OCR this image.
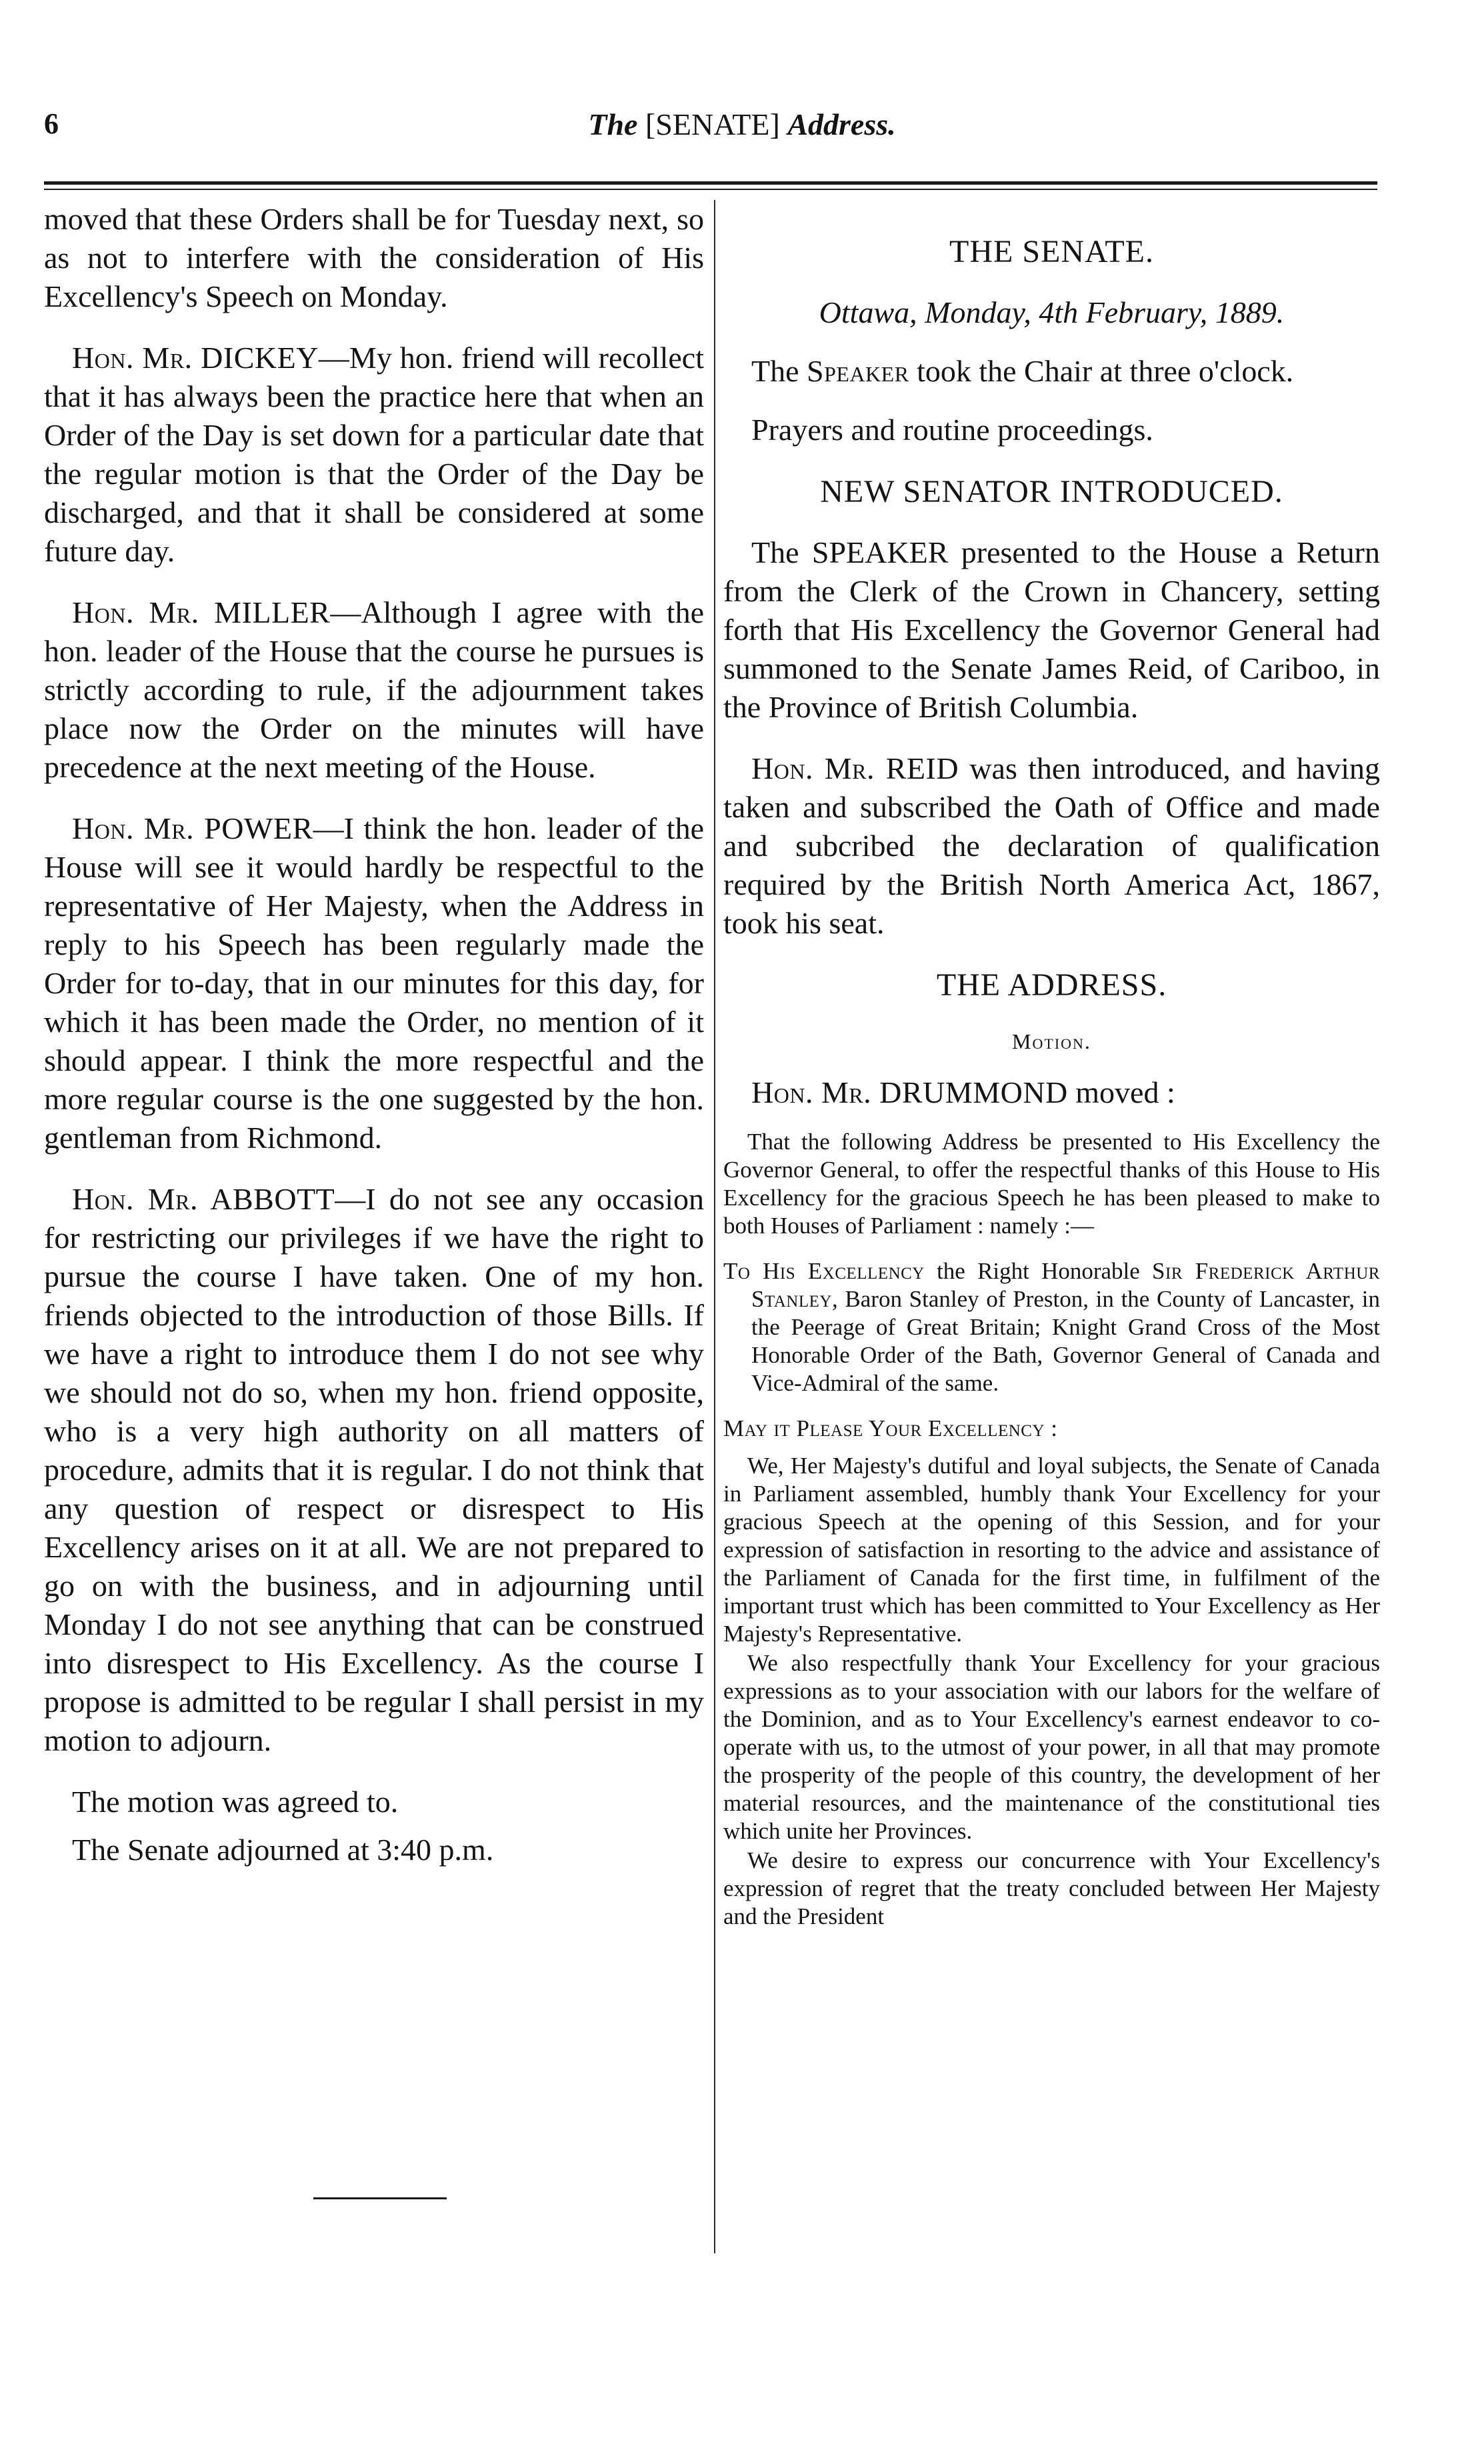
6	The [SENATE] Address.

moved that these Orders shall be for Tuesday next, so as not to interfere with the consideration of His Excellency's Speech on Monday.

Hon. Mr. DICKEY—My hon. friend will recollect that it has always been the practice here that when an Order of the Day is set down for a particular date that the regular motion is that the Order of the Day be discharged, and that it shall be considered at some future day.

Hon. Mr. MILLER—Although I agree with the hon. leader of the House that the course he pursues is strictly according to rule, if the adjournment takes place now the Order on the minutes will have precedence at the next meeting of the House.

Hon. Mr. POWER—I think the hon. leader of the House will see it would hardly be respectful to the representative of Her Majesty, when the Address in reply to his Speech has been regularly made the Order for to-day, that in our minutes for this day, for which it has been made the Order, no mention of it should appear. I think the more respectful and the more regular course is the one suggested by the hon. gentleman from Richmond.

Hon. Mr. ABBOTT—I do not see any occasion for restricting our privileges if we have the right to pursue the course I have taken. One of my hon. friends objected to the introduction of those Bills. If we have a right to introduce them I do not see why we should not do so, when my hon. friend opposite, who is a very high authority on all matters of procedure, admits that it is regular. I do not think that any question of respect or disrespect to His Excellency arises on it at all. We are not prepared to go on with the business, and in adjourning until Monday I do not see anything that can be construed into disrespect to His Excellency. As the course I propose is admitted to be regular I shall persist in my motion to adjourn.

The motion was agreed to.

The Senate adjourned at 3:40 p.m.

THE SENATE.
Ottawa, Monday, 4th February, 1889.

The Speaker took the Chair at three o'clock.

Prayers and routine proceedings.

NEW SENATOR INTRODUCED.

The SPEAKER presented to the House a Return from the Clerk of the Crown in Chancery, setting forth that His Excellency the Governor General had summoned to the Senate James Reid, of Cariboo, in the Province of British Columbia.

Hon. Mr. REID was then introduced, and having taken and subscribed the Oath of Office and made and subcribed the declaration of qualification required by the British North America Act, 1867, took his seat.

THE ADDRESS.
Motion.

Hon. Mr. DRUMMOND moved :

That the following Address be presented to His Excellency the Governor General, to offer the respectful thanks of this House to His Excellency for the gracious Speech he has been pleased to make to both Houses of Parliament : namely :—

To His Excellency the Right Honorable Sir Frederick Arthur Stanley, Baron Stanley of Preston, in the County of Lancaster, in the Peerage of Great Britain; Knight Grand Cross of the Most Honorable Order of the Bath, Governor General of Canada and Vice-Admiral of the same.

May it Please Your Excellency :

We, Her Majesty's dutiful and loyal subjects, the Senate of Canada in Parliament assembled, humbly thank Your Excellency for your gracious Speech at the opening of this Session, and for your expression of satisfaction in resorting to the advice and assistance of the Parliament of Canada for the first time, in fulfilment of the important trust which has been committed to Your Excellency as Her Majesty's Representative.

We also respectfully thank Your Excellency for your gracious expressions as to your association with our labors for the welfare of the Dominion, and as to Your Excellency's earnest endeavor to co-operate with us, to the utmost of your power, in all that may promote the prosperity of the people of this country, the development of her material resources, and the maintenance of the constitutional ties which unite her Provinces.

We desire to express our concurrence with Your Excellency's expression of regret that the treaty concluded between Her Majesty and the President
